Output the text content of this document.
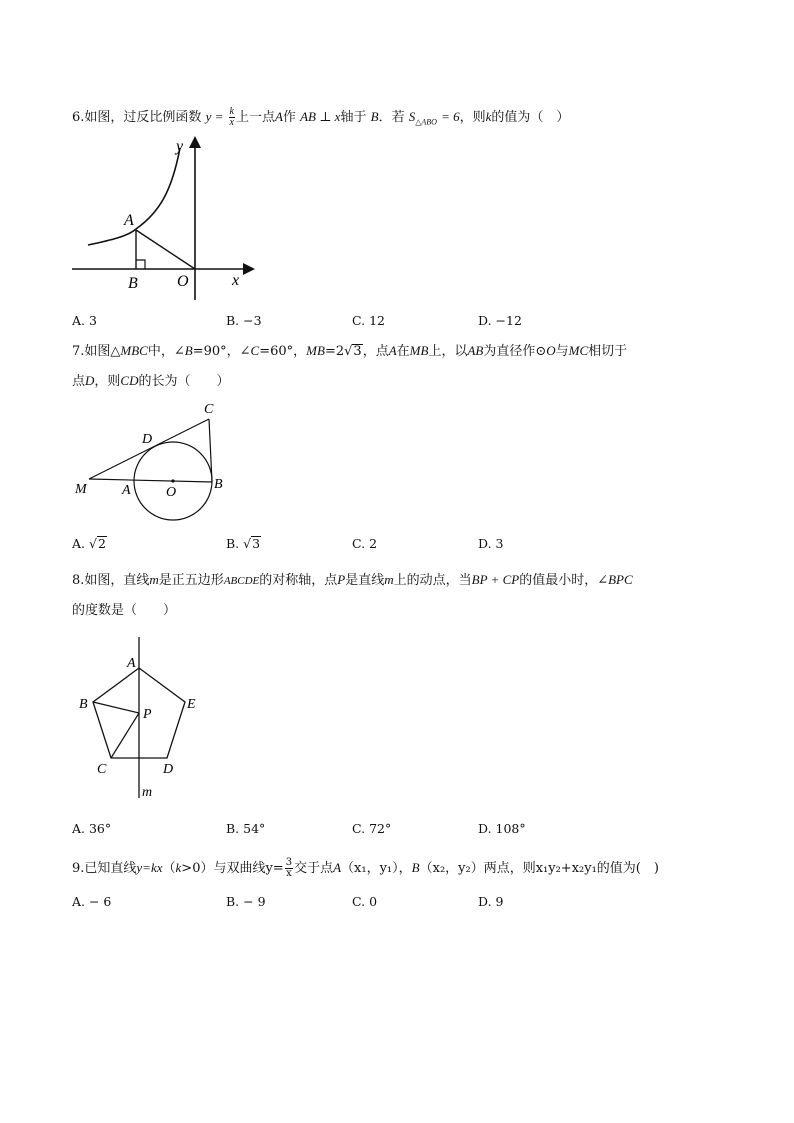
6.如图，过反比例函数 $y = \frac{k}{x}$ 上一点A作 AB ⊥ x轴于 B．若 $S_{\triangle ABO} = 6$，则k的值为（　）
y
x
A
B O
A. 3	B. −3	C. 12	D. −12
7.如图△MBC中，∠B=90°，∠C=60°，MB=2√3，点A在MB上，以AB为直径作⊙O与MC相切于
点D，则CD的长为（　　）
C
D
M	A	O
B
A. √2	B. √3	C. 2	D. 3
8.如图，直线m是正五边形ABCDE的对称轴，点P是直线m上的动点，当BP + CP的值最小时，∠BPC
的度数是（　　）
A
B	E
P
C	D
m
A. 36°	B. 54°	C. 72°	D. 108°
9.已知直线y=kx（k>0）与双曲线$y= \frac{3}{x}$ 交于点A（x₁，y₁），B（x₂，y₂）两点，则x₁y₂+x₂y₁的值为(　)
A. − 6	B. − 9	C. 0	D. 9
